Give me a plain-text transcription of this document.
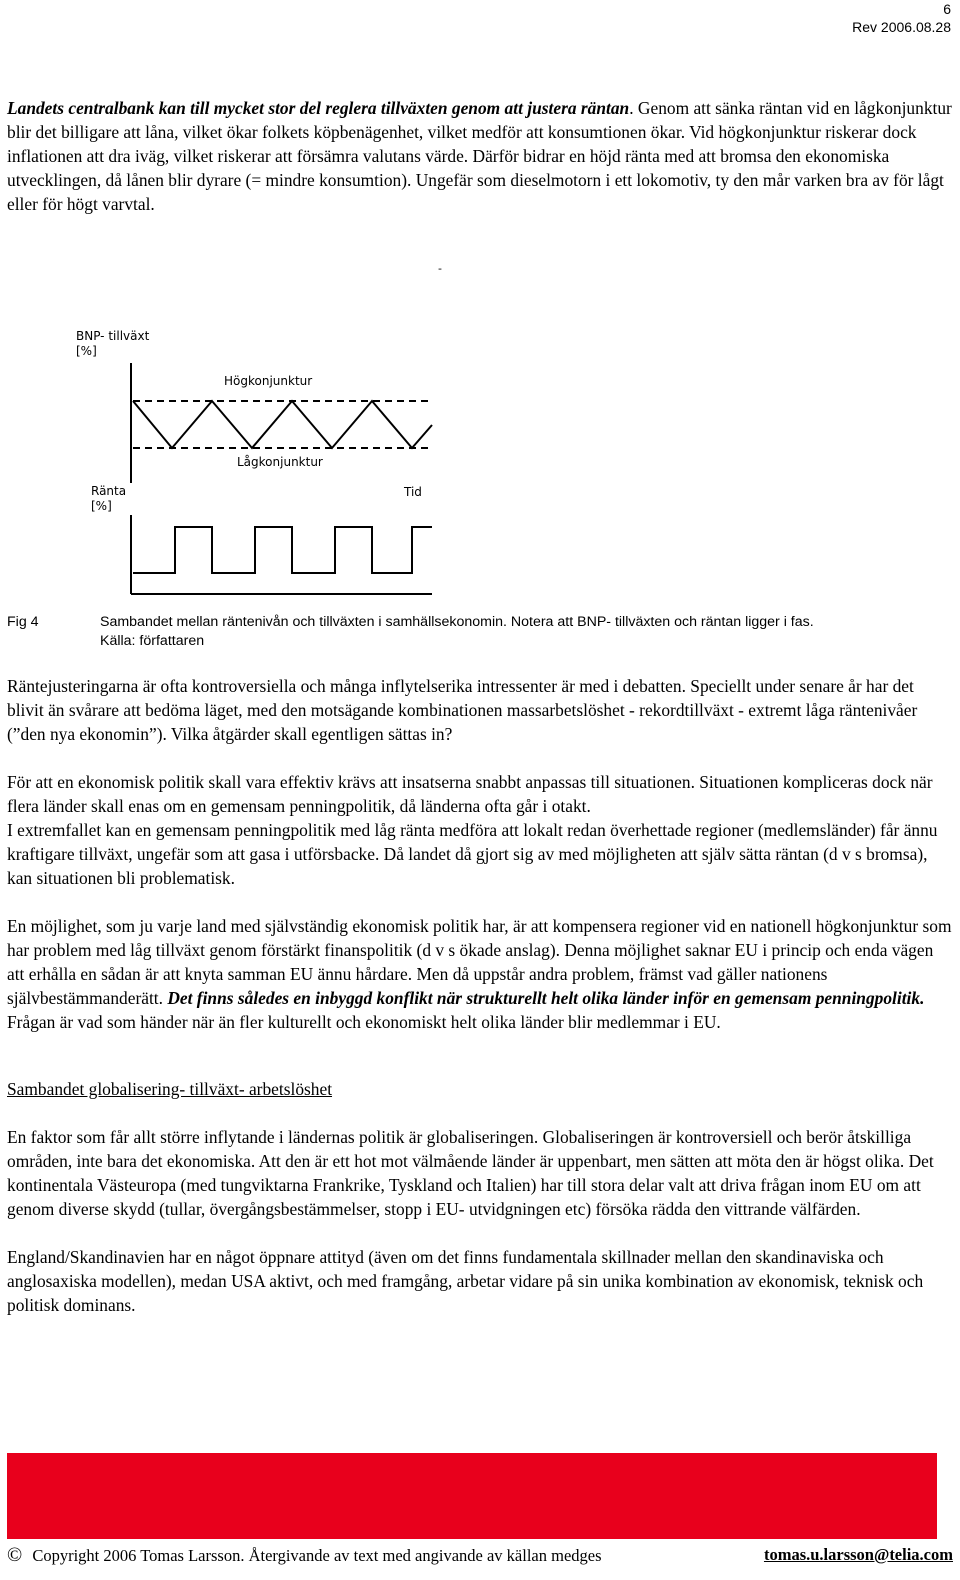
6
Rev 2006.08.28

Landets centralbank kan till mycket stor del reglera tillväxten genom att justera räntan. Genom att sänka räntan vid en lågkonjunktur blir det billigare att låna, vilket ökar folkets köpbenägenhet, vilket medför att konsumtionen ökar. Vid högkonjunktur riskerar dock inflationen att dra iväg, vilket riskerar att försämra valutans värde. Därför bidrar en höjd ränta med att bromsa den ekonomiska utvecklingen, då lånen blir dyrare (= mindre konsumtion). Ungefär som dieselmotorn i ett lokomotiv, ty den mår varken bra av för lågt eller för högt varvtal.

-
BNP- tillväxt
[%]
Högkonjunktur
Lågkonjunktur
Ränta
[%]
Tid
Fig 4	Sambandet mellan räntenivån och tillväxten i samhällsekonomin. Notera att BNP- tillväxten och räntan ligger i fas.
Källa: författaren

Räntejusteringarna är ofta kontroversiella och många inflytelserika intressenter är med i debatten. Speciellt under senare år har det blivit än svårare att bedöma läget, med den motsägande kombinationen massarbetslöshet - rekordtillväxt - extremt låga räntenivåer (”den nya ekonomin”). Vilka åtgärder skall egentligen sättas in?

För att en ekonomisk politik skall vara effektiv krävs att insatserna snabbt anpassas till situationen. Situationen kompliceras dock när flera länder skall enas om en gemensam penningpolitik, då länderna ofta går i otakt.

I extremfallet kan en gemensam penningpolitik med låg ränta medföra att lokalt redan överhettade regioner (medlemsländer) får ännu kraftigare tillväxt, ungefär som att gasa i utförsbacke. Då landet då gjort sig av med möjligheten att själv sätta räntan (d v s bromsa), kan situationen bli problematisk.

En möjlighet, som ju varje land med självständig ekonomisk politik har, är att kompensera regioner vid en nationell högkonjunktur som har problem med låg tillväxt genom förstärkt finanspolitik (d v s ökade anslag). Denna möjlighet saknar EU i princip och enda vägen att erhålla en sådan är att knyta samman EU ännu hårdare. Men då uppstår andra problem, främst vad gäller nationens självbestämmanderätt. Det finns således en inbyggd konflikt när strukturellt helt olika länder inför en gemensam penningpolitik. Frågan är vad som händer när än fler kulturellt och ekonomiskt helt olika länder blir medlemmar i EU.

Sambandet globalisering- tillväxt- arbetslöshet

En faktor som får allt större inflytande i ländernas politik är globaliseringen. Globaliseringen är kontroversiell och berör åtskilliga områden, inte bara det ekonomiska. Att den är ett hot mot välmående länder är uppenbart, men sätten att möta den är högst olika. Det kontinentala Västeuropa (med tungviktarna Frankrike, Tyskland och Italien) har till stora delar valt att driva frågan inom EU om att genom diverse skydd (tullar, övergångsbestämmelser, stopp i EU- utvidgningen etc) försöka rädda den vittrande välfärden.

England/Skandinavien har en något öppnare attityd (även om det finns fundamentala skillnader mellan den skandinaviska och anglosaxiska modellen), medan USA aktivt, och med framgång, arbetar vidare på sin unika kombination av ekonomisk, teknisk och politisk dominans.

© Copyright 2006 Tomas Larsson. Återgivande av text med angivande av källan medges	tomas.u.larsson@telia.com
